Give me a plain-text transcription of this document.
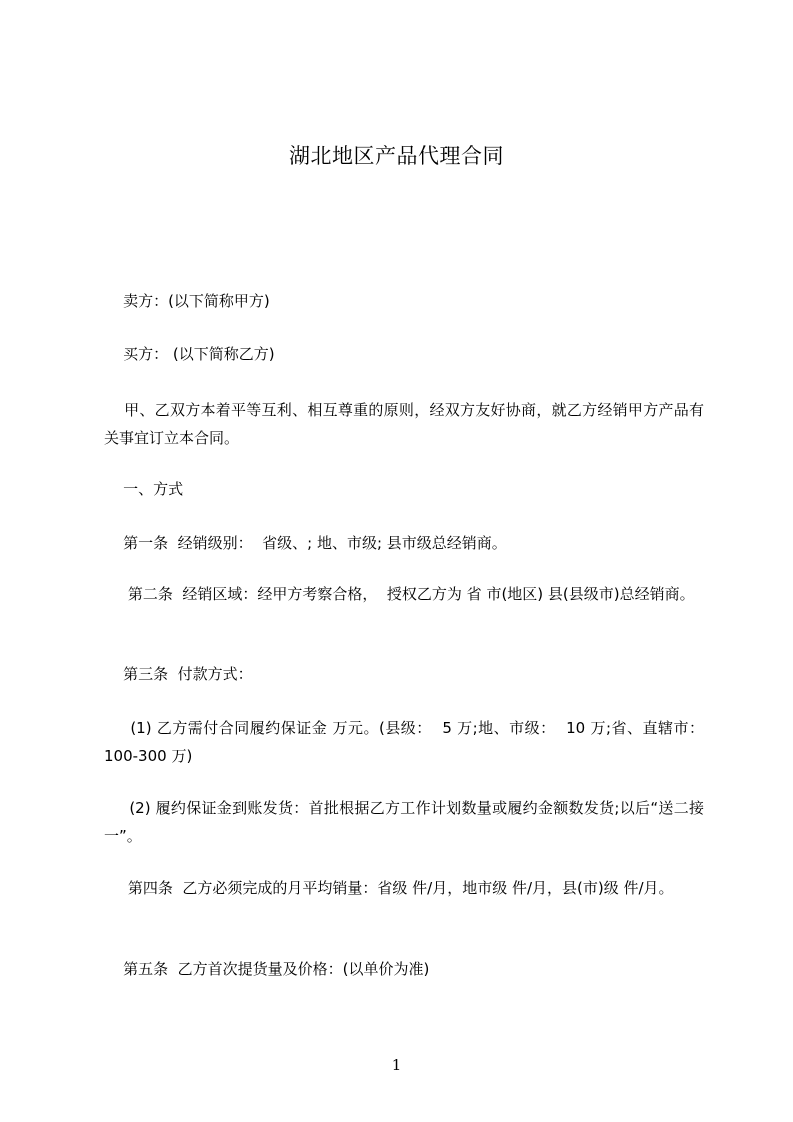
湖北地区产品代理合同

卖方：(以下简称甲方)

买方： (以下简称乙方)

甲、乙双方本着平等互利、相互尊重的原则，经双方友好协商，就乙方经销甲方产品有关事宜订立本合同。

一、方式

第一条  经销级别：  省级、; 地、市级; 县市级总经销商。

第二条  经销区域：经甲方考察合格，  授权乙方为 省 市(地区) 县(县级市)总经销商。

第三条  付款方式：

(1) 乙方需付合同履约保证金 万元。(县级：  5 万;地、市级：  10 万;省、直辖市：100-300 万)

(2) 履约保证金到账发货：首批根据乙方工作计划数量或履约金额数发货;以后“送二接一”。

第四条  乙方必须完成的月平均销量：省级 件/月，地市级 件/月，县(市)级 件/月。

第五条  乙方首次提货量及价格：(以单价为准)

1
